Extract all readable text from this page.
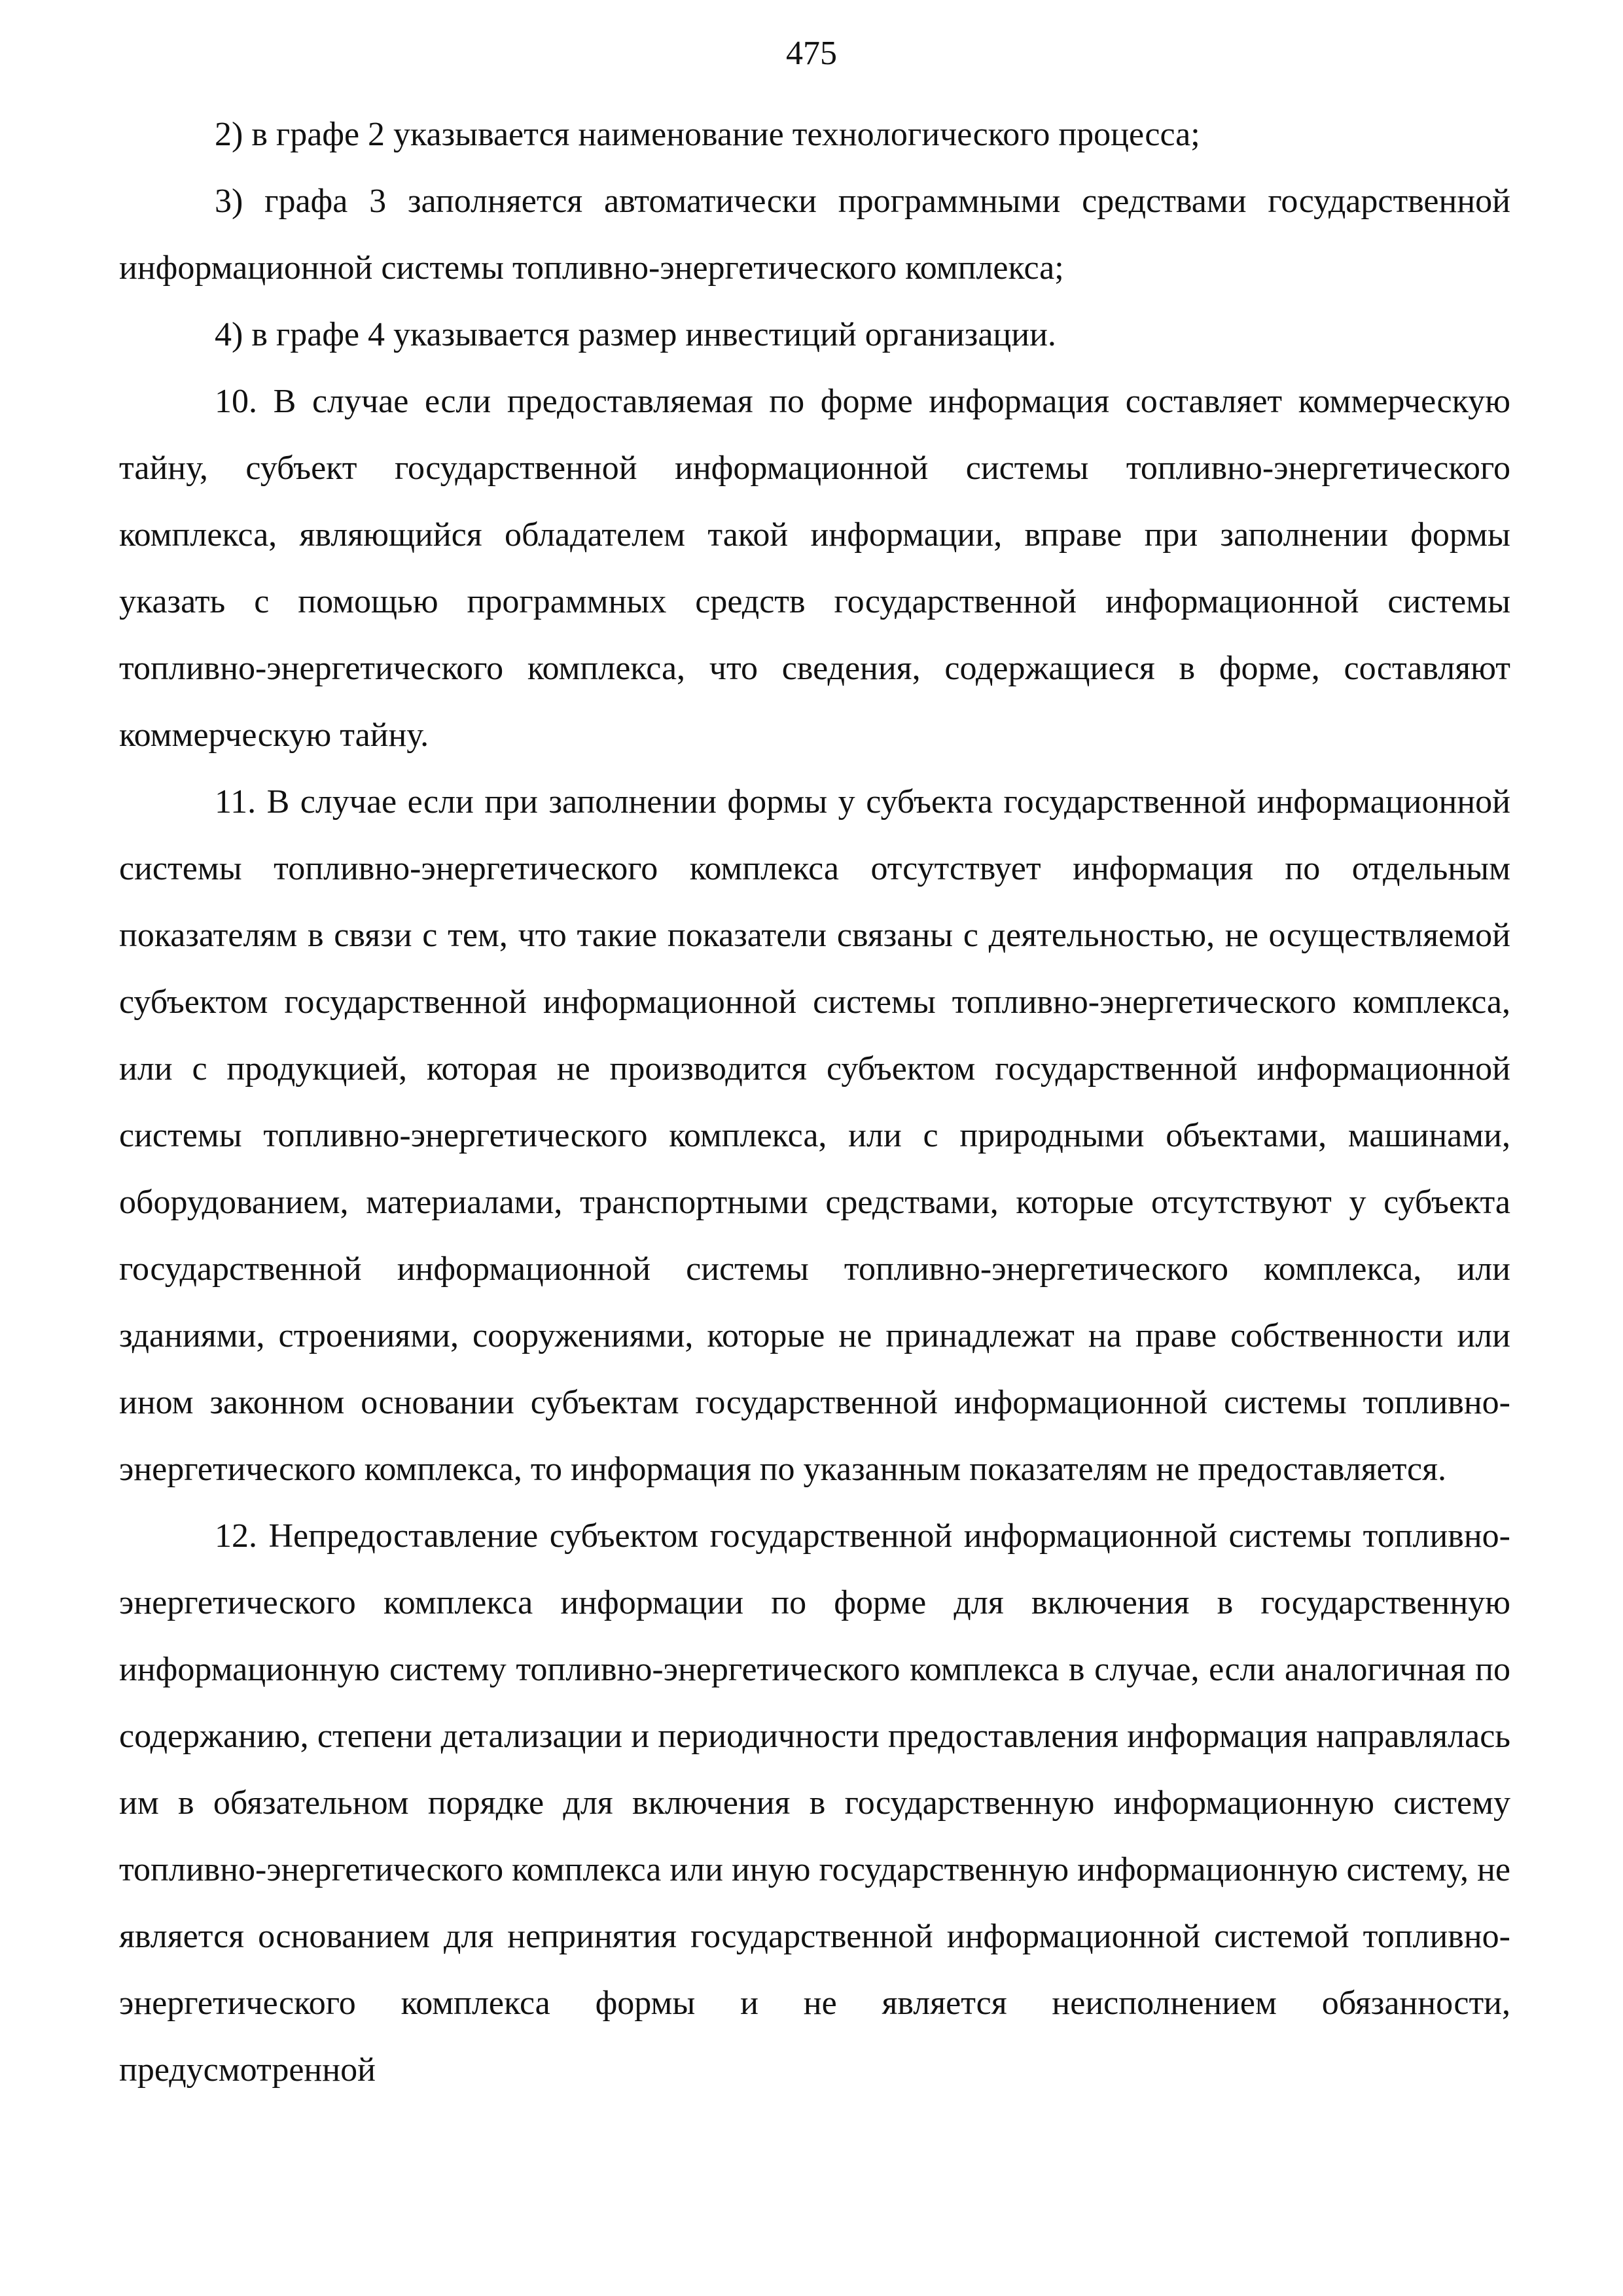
475

2) в графе 2 указывается наименование технологического процесса;

3) графа 3 заполняется автоматически программными средствами государственной информационной системы топливно-энергетического комплекса;

4) в графе 4 указывается размер инвестиций организации.

10. В случае если предоставляемая по форме информация составляет коммерческую тайну, субъект государственной информационной системы топливно-энергетического комплекса, являющийся обладателем такой информации, вправе при заполнении формы указать с помощью программных средств государственной информационной системы топливно-энергетического комплекса, что сведения, содержащиеся в форме, составляют коммерческую тайну.

11. В случае если при заполнении формы у субъекта государственной информационной системы топливно-энергетического комплекса отсутствует информация по отдельным показателям в связи с тем, что такие показатели связаны с деятельностью, не осуществляемой субъектом государственной информационной системы топливно-энергетического комплекса, или с продукцией, которая не производится субъектом государственной информационной системы топливно-энергетического комплекса, или с природными объектами, машинами, оборудованием, материалами, транспортными средствами, которые отсутствуют у субъекта государственной информационной системы топливно-энергетического комплекса, или зданиями, строениями, сооружениями, которые не принадлежат на праве собственности или ином законном основании субъектам государственной информационной системы топливно-энергетического комплекса, то информация по указанным показателям не предоставляется.

12. Непредоставление субъектом государственной информационной системы топливно-энергетического комплекса информации по форме для включения в государственную информационную систему топливно-энергетического комплекса в случае, если аналогичная по содержанию, степени детализации и периодичности предоставления информация направлялась им в обязательном порядке для включения в государственную информационную систему топливно-энергетического комплекса или иную государственную информационную систему, не является основанием для непринятия государственной информационной системой топливно-энергетического комплекса формы и не является неисполнением обязанности, предусмотренной
